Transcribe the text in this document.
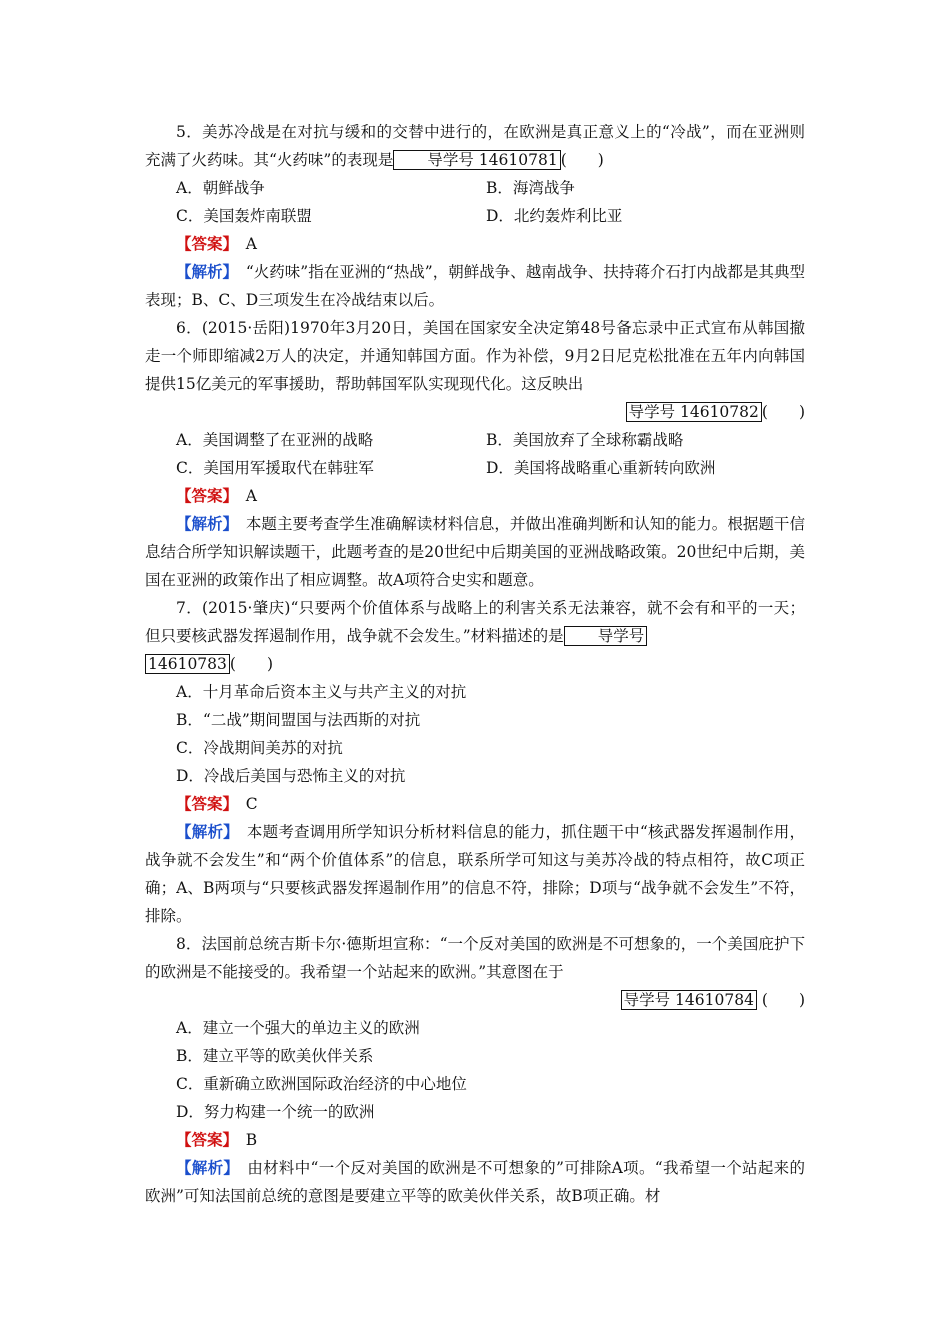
5．美苏冷战是在对抗与缓和的交替中进行的，在欧洲是真正意义上的“冷战”，而在亚洲则充满了火药味。其“火药味”的表现是 导学号 14610781 (　　)

A．朝鲜战争	B．海湾战争
C．美国轰炸南联盟	D．北约轰炸利比亚

【答案】　 A

【解析】　 “火药味”指在亚洲的“热战”，朝鲜战争、越南战争、扶持蒋介石打内战都是其典型表现；B、C、D三项发生在冷战结束以后。

6．(2015·岳阳)1970年3月20日，美国在国家安全决定第48号备忘录中正式宣布从韩国撤走一个师即缩减2万人的决定，并通知韩国方面。作为补偿，9月2日尼克松批准在五年内向韩国提供15亿美元的军事援助，帮助韩国军队实现现代化。这反映出

导学号 14610782 (　　)

A．美国调整了在亚洲的战略	B．美国放弃了全球称霸战略
C．美国用军援取代在韩驻军	D．美国将战略重心重新转向欧洲

【答案】　 A

【解析】　 本题主要考查学生准确解读材料信息，并做出准确判断和认知的能力。根据题干信息结合所学知识解读题干，此题考查的是20世纪中后期美国的亚洲战略政策。20世纪中后期，美国在亚洲的政策作出了相应调整。故A项符合史实和题意。

7．(2015·肇庆)“只要两个价值体系与战略上的利害关系无法兼容，就不会有和平的一天；但只要核武器发挥遏制作用，战争就不会发生。”材料描述的是 导学号

14610783 (　　)

A．十月革命后资本主义与共产主义的对抗

B．“二战”期间盟国与法西斯的对抗

C．冷战期间美苏的对抗

D．冷战后美国与恐怖主义的对抗

【答案】　 C

【解析】　 本题考查调用所学知识分析材料信息的能力，抓住题干中“核武器发挥遏制作用，战争就不会发生”和“两个价值体系”的信息，联系所学可知这与美苏冷战的特点相符，故C项正确；A、B两项与“只要核武器发挥遏制作用”的信息不符，排除；D项与“战争就不会发生”不符，排除。

8．法国前总统吉斯卡尔·德斯坦宣称：“一个反对美国的欧洲是不可想象的，一个美国庇护下的欧洲是不能接受的。我希望一个站起来的欧洲。”其意图在于

导学号 14610784 (　　)

A．建立一个强大的单边主义的欧洲

B．建立平等的欧美伙伴关系

C．重新确立欧洲国际政治经济的中心地位

D．努力构建一个统一的欧洲

【答案】　 B

【解析】　 由材料中“一个反对美国的欧洲是不可想象的”可排除A项。“我希望一个站起来的欧洲”可知法国前总统的意图是要建立平等的欧美伙伴关系，故B项正确。材
